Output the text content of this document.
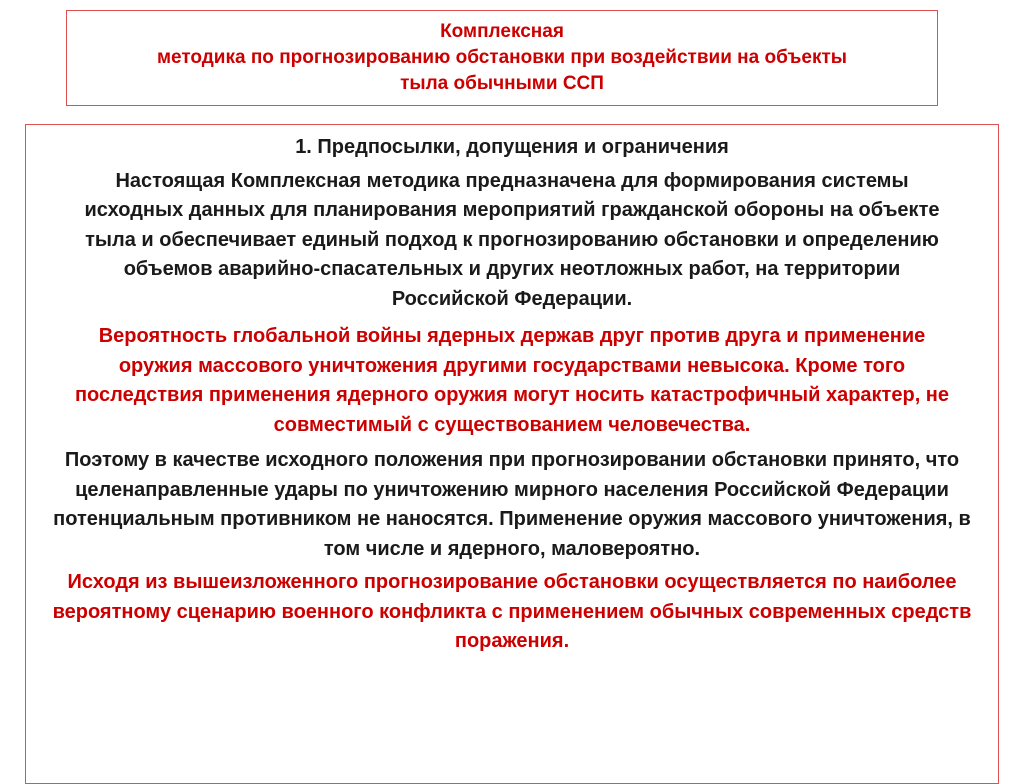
Комплексная
методика по прогнозированию обстановки при воздействии на объекты
тыла обычными ССП

1. Предпосылки, допущения и ограничения

Настоящая Комплексная методика предназначена для формирования системы исходных данных для планирования мероприятий гражданской обороны на объекте тыла и обеспечивает единый подход к прогнозированию обстановки и определению объемов аварийно-спасательных и других неотложных работ, на территории Российской Федерации.

Вероятность глобальной войны ядерных держав друг против друга и применение оружия массового уничтожения другими государствами невысока. Кроме того последствия применения ядерного оружия могут носить катастрофичный характер, не совместимый с существованием человечества.

Поэтому в качестве исходного положения при прогнозировании обстановки принято, что целенаправленные удары по уничтожению мирного населения Российской Федерации потенциальным противником не наносятся. Применение оружия массового уничтожения, в том числе и ядерного, маловероятно.

Исходя из вышеизложенного прогнозирование обстановки осуществляется по наиболее вероятному сценарию военного конфликта с применением обычных современных средств поражения.
